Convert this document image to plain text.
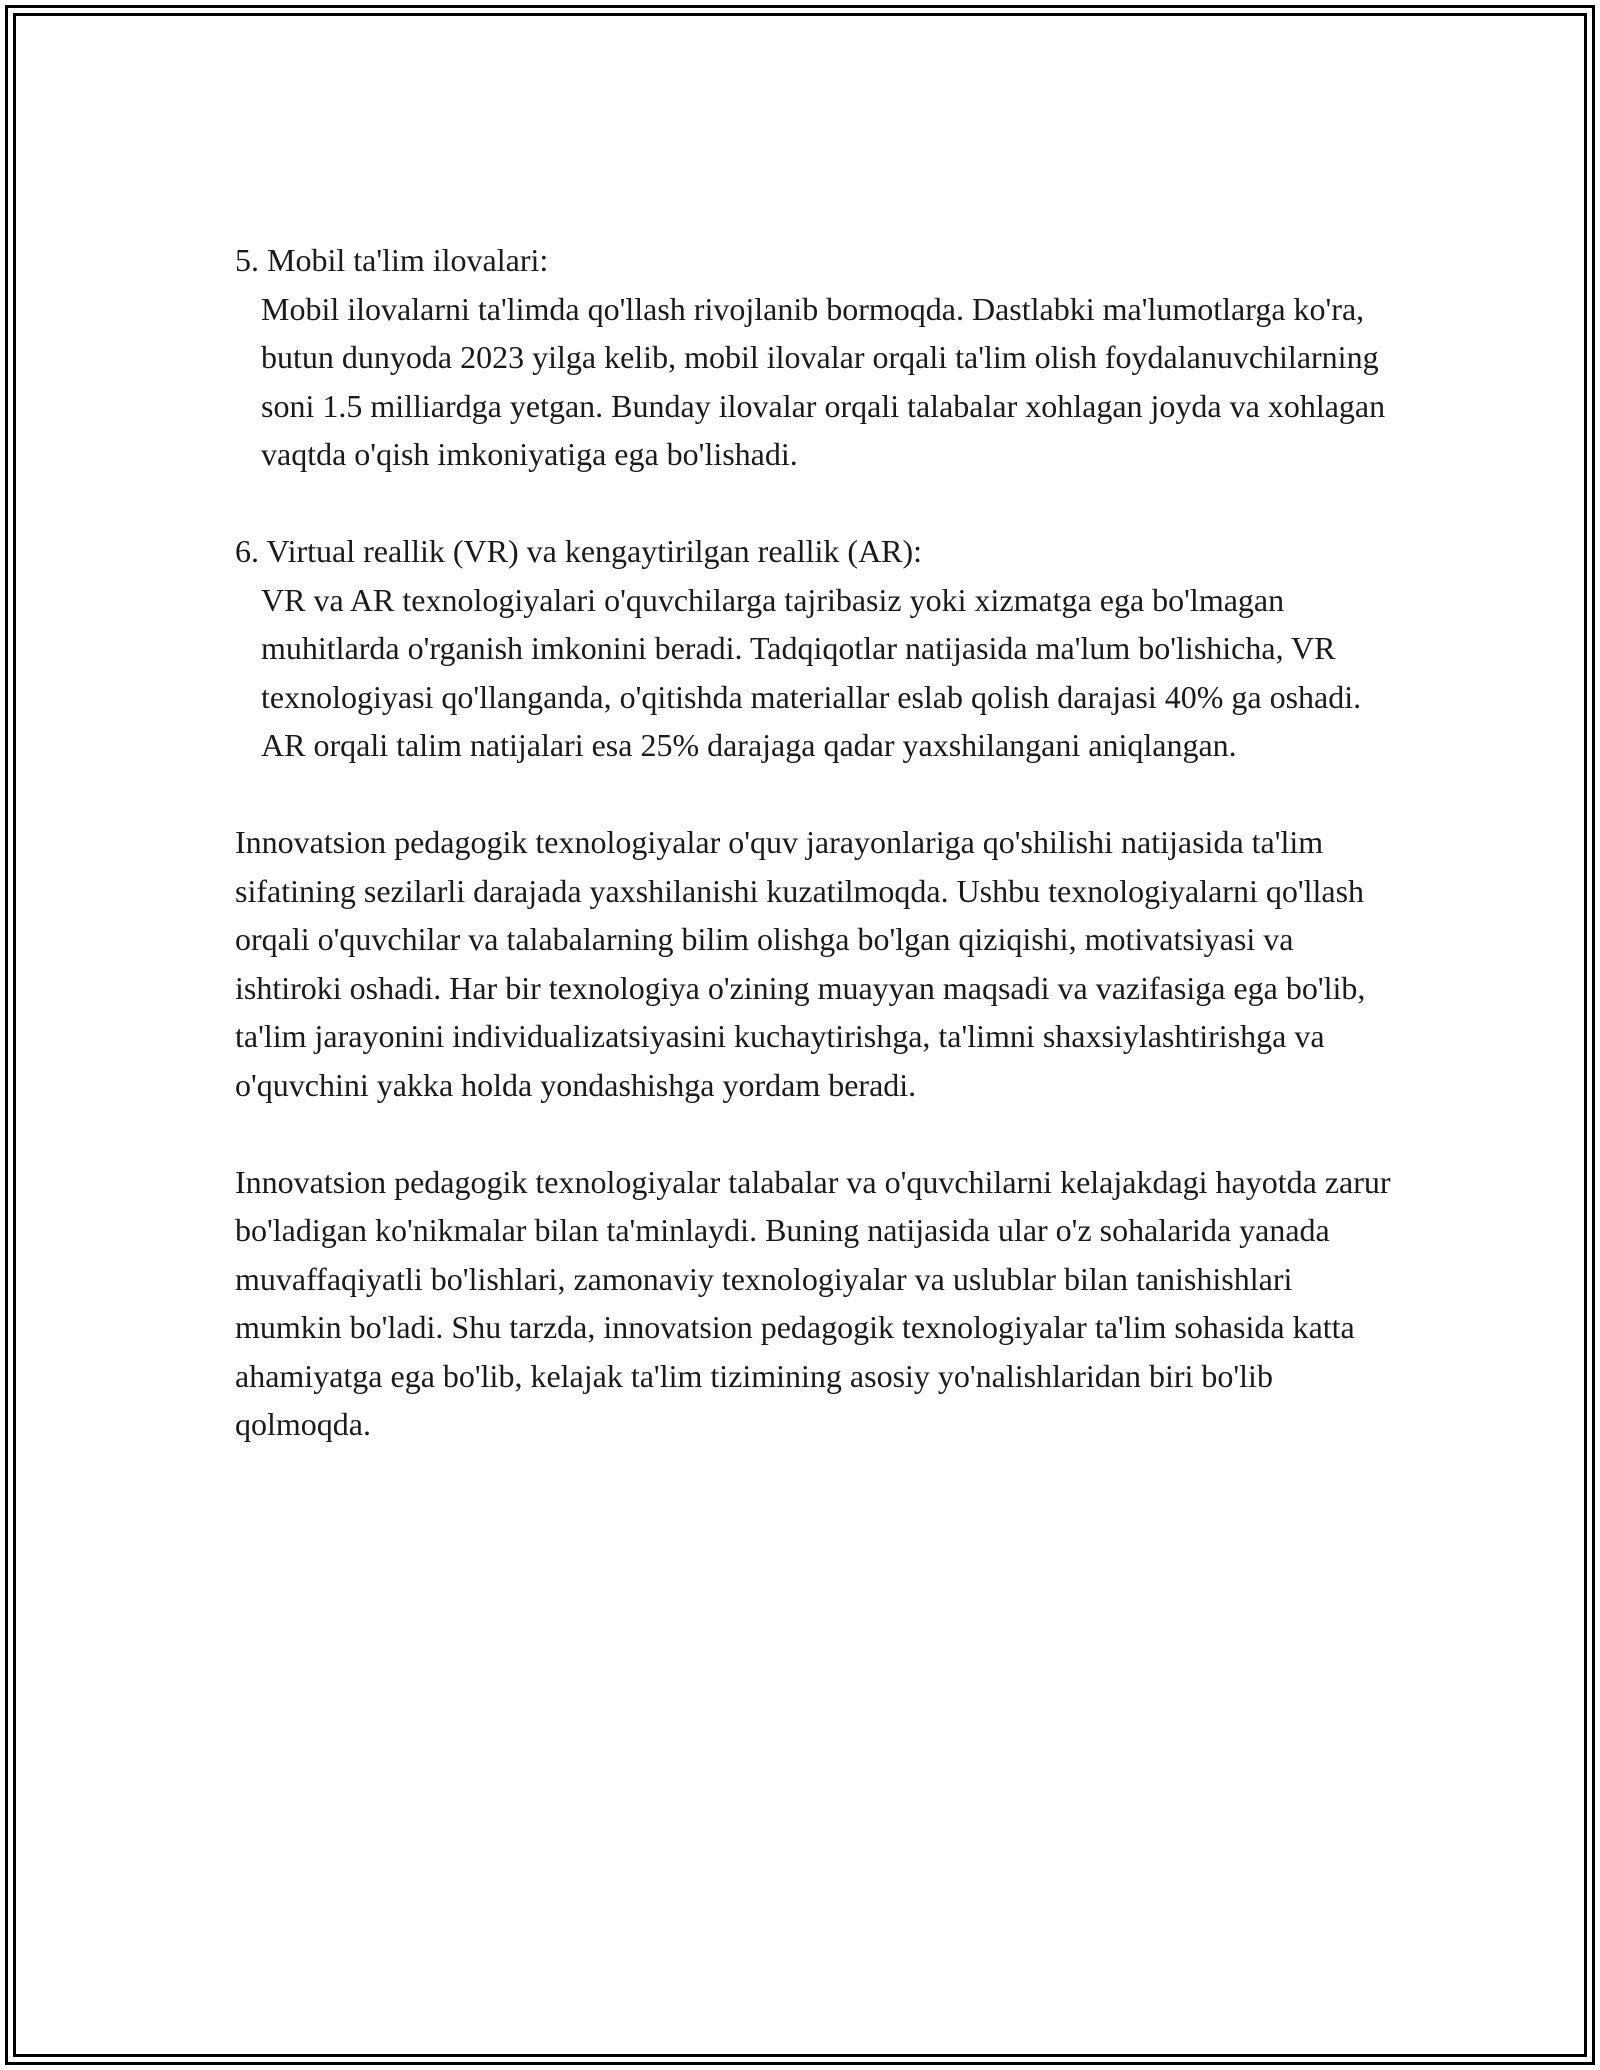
5. Mobil ta'lim ilovalari:

Mobil ilovalarni ta'limda qo'llash rivojlanib bormoqda. Dastlabki ma'lumotlarga ko'ra, butun dunyoda 2023 yilga kelib, mobil ilovalar orqali ta'lim olish foydalanuvchilarning soni 1.5 milliardga yetgan. Bunday ilovalar orqali talabalar xohlagan joyda va xohlagan vaqtda o'qish imkoniyatiga ega bo'lishadi.

6. Virtual reallik (VR) va kengaytirilgan reallik (AR):

VR va AR texnologiyalari o'quvchilarga tajribasiz yoki xizmatga ega bo'lmagan muhitlarda o'rganish imkonini beradi. Tadqiqotlar natijasida ma'lum bo'lishicha, VR texnologiyasi qo'llanganda, o'qitishda materiallar eslab qolish darajasi 40% ga oshadi. AR orqali talim natijalari esa 25% darajaga qadar yaxshilangani aniqlangan.

Innovatsion pedagogik texnologiyalar o'quv jarayonlariga qo'shilishi natijasida ta'lim sifatining sezilarli darajada yaxshilanishi kuzatilmoqda. Ushbu texnologiyalarni qo'llash orqali o'quvchilar va talabalarning bilim olishga bo'lgan qiziqishi, motivatsiyasi va ishtiroki oshadi. Har bir texnologiya o'zining muayyan maqsadi va vazifasiga ega bo'lib, ta'lim jarayonini individualizatsiyasini kuchaytirishga, ta'limni shaxsiylashtirishga va o'quvchini yakka holda yondashishga yordam beradi.

Innovatsion pedagogik texnologiyalar talabalar va o'quvchilarni kelajakdagi hayotda zarur bo'ladigan ko'nikmalar bilan ta'minlaydi. Buning natijasida ular o'z sohalarida yanada muvaffaqiyatli bo'lishlari, zamonaviy texnologiyalar va uslublar bilan tanishishlari mumkin bo'ladi. Shu tarzda, innovatsion pedagogik texnologiyalar ta'lim sohasida katta ahamiyatga ega bo'lib, kelajak ta'lim tizimining asosiy yo'nalishlaridan biri bo'lib qolmoqda.
